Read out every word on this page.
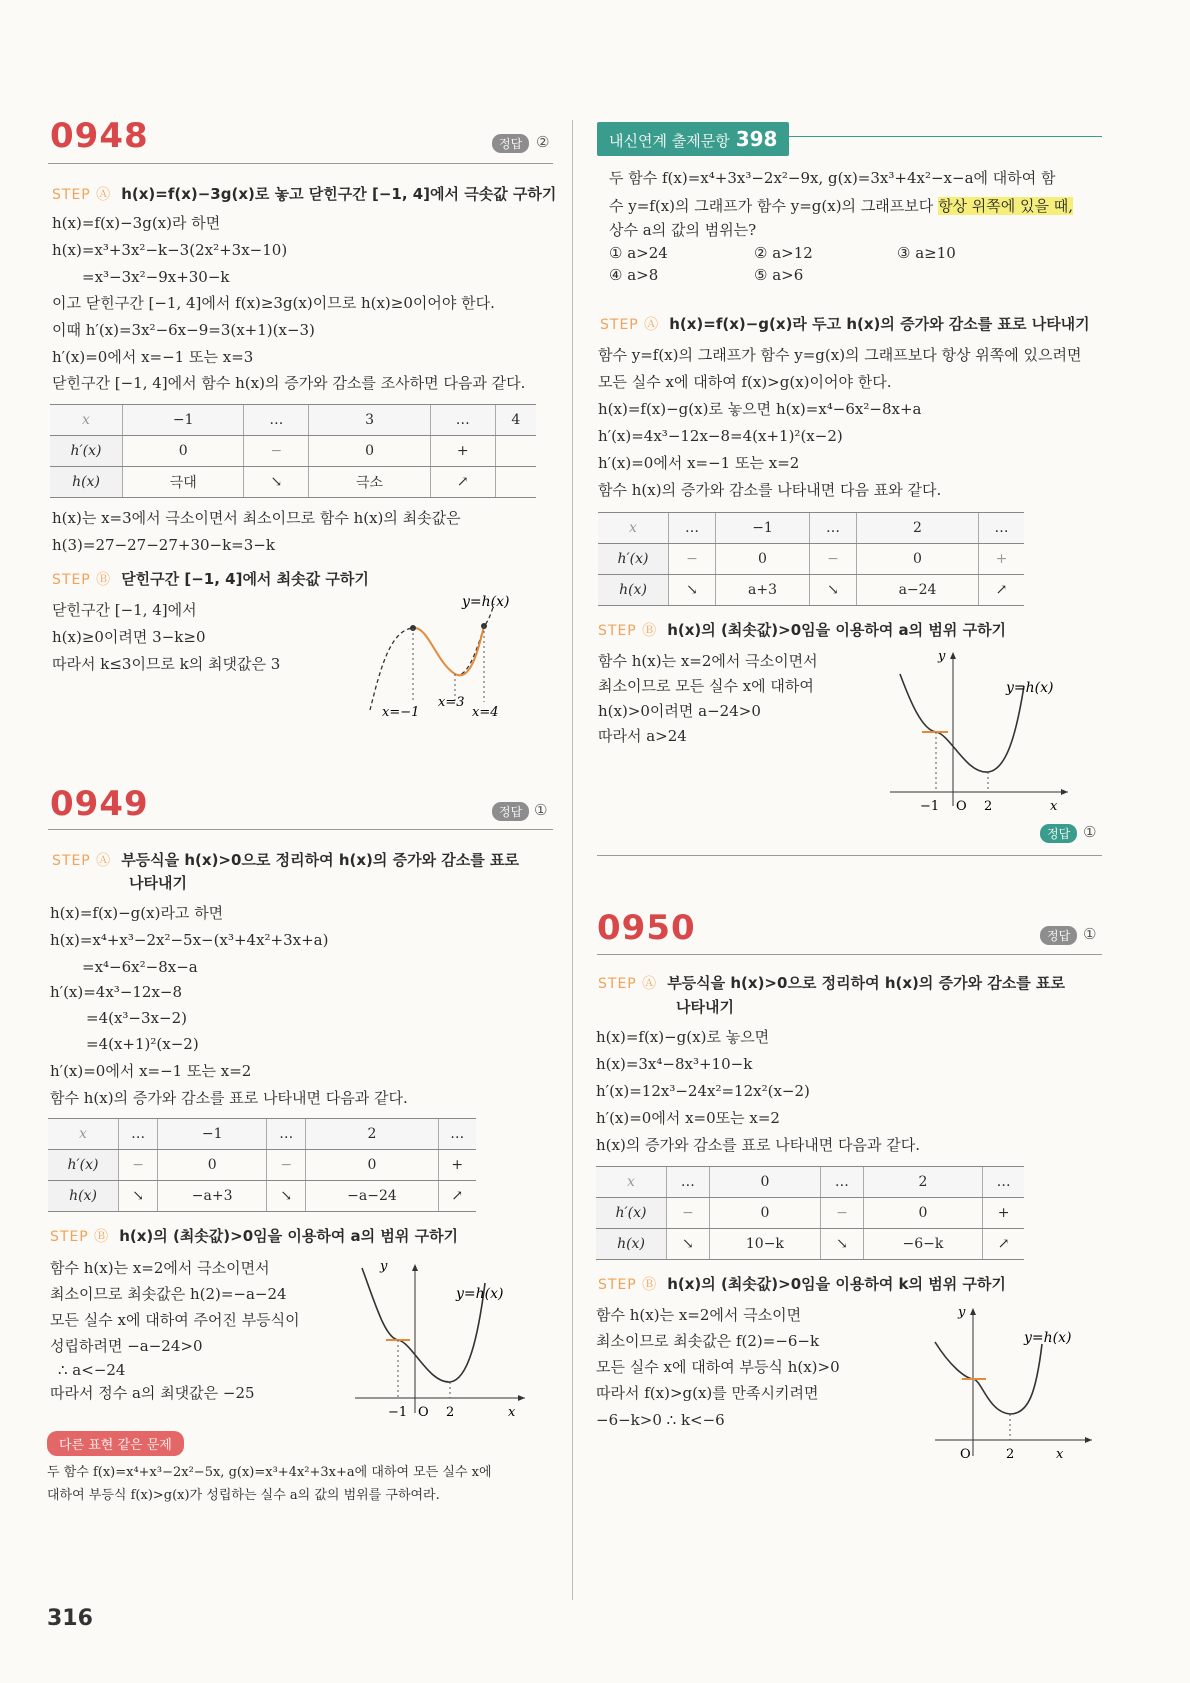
0948	정답 ②
STEP Ⓐ h(x)=f(x)−3g(x)로 놓고 닫힌구간 [−1, 4]에서 극솟값 구하기
h(x)=f(x)−3g(x)라 하면
h(x)=x³+3x²−k−3(2x²+3x−10)
=x³−3x²−9x+30−k
이고 닫힌구간 [−1, 4]에서 f(x)≥3g(x)이므로 h(x)≥0이어야 한다.
이때 h′(x)=3x²−6x−9=3(x+1)(x−3)
h′(x)=0에서 x=−1 또는 x=3
닫힌구간 [−1, 4]에서 함수 h(x)의 증가와 감소를 조사하면 다음과 같다.
x	−1	…	3	…	4
h′(x)	0	−	0	+	
h(x)	극대	↘	극소	↗	
h(x)는 x=3에서 극소이면서 최소이므로 함수 h(x)의 최솟값은
h(3)=27−27−27+30−k=3−k
STEP Ⓑ 닫힌구간 [−1, 4]에서 최솟값 구하기
닫힌구간 [−1, 4]에서
h(x)≥0이려면 3−k≥0
따라서 k≤3이므로 k의 최댓값은 3
y=h(x)
x=−1
x=3
x=4
0949	정답 ①
STEP Ⓐ 부등식을 h(x)>0으로 정리하여 h(x)의 증가와 감소를 표로
나타내기
h(x)=f(x)−g(x)라고 하면
h(x)=x⁴+x³−2x²−5x−(x³+4x²+3x+a)
=x⁴−6x²−8x−a
h′(x)=4x³−12x−8
=4(x³−3x−2)
=4(x+1)²(x−2)
h′(x)=0에서 x=−1 또는 x=2
함수 h(x)의 증가와 감소를 표로 나타내면 다음과 같다.
x	…	−1	…	2	…
h′(x)	−	0	−	0	+
h(x)	↘	−a+3	↘	−a−24	↗
STEP Ⓑ h(x)의 (최솟값)>0임을 이용하여 a의 범위 구하기
함수 h(x)는 x=2에서 극소이면서
최소이므로 최솟값은 h(2)=−a−24
모든 실수 x에 대하여 주어진 부등식이
성립하려면 −a−24>0
∴ a<−24
따라서 정수 a의 최댓값은 −25
y
y=h(x)
−1 O 2	x
다른 표현 같은 문제
두 함수 f(x)=x⁴+x³−2x²−5x, g(x)=x³+4x²+3x+a에 대하여 모든 실수 x에
대하여 부등식 f(x)>g(x)가 성립하는 실수 a의 값의 범위를 구하여라.
316
내신연계 출제문항 398
두 함수 f(x)=x⁴+3x³−2x²−9x, g(x)=3x³+4x²−x−a에 대하여 함
수 y=f(x)의 그래프가 함수 y=g(x)의 그래프보다 항상 위쪽에 있을 때,
상수 a의 값의 범위는?
① a>24	② a>12	③ a≥10
④ a>8	⑤ a>6
STEP Ⓐ h(x)=f(x)−g(x)라 두고 h(x)의 증가와 감소를 표로 나타내기
함수 y=f(x)의 그래프가 함수 y=g(x)의 그래프보다 항상 위쪽에 있으려면
모든 실수 x에 대하여 f(x)>g(x)이어야 한다.
h(x)=f(x)−g(x)로 놓으면 h(x)=x⁴−6x²−8x+a
h′(x)=4x³−12x−8=4(x+1)²(x−2)
h′(x)=0에서 x=−1 또는 x=2
함수 h(x)의 증가와 감소를 나타내면 다음 표와 같다.
x	…	−1	…	2	…
h′(x)	−	0	−	0	+
h(x)	↘	a+3	↘	a−24	↗
STEP Ⓑ h(x)의 (최솟값)>0임을 이용하여 a의 범위 구하기
함수 h(x)는 x=2에서 극소이면서
최소이므로 모든 실수 x에 대하여
h(x)>0이려면 a−24>0
따라서 a>24
y
y=h(x)
−1 O 2	x
정답 ①
0950	정답 ①
STEP Ⓐ 부등식을 h(x)>0으로 정리하여 h(x)의 증가와 감소를 표로
나타내기
h(x)=f(x)−g(x)로 놓으면
h(x)=3x⁴−8x³+10−k
h′(x)=12x³−24x²=12x²(x−2)
h′(x)=0에서 x=0또는 x=2
h(x)의 증가와 감소를 표로 나타내면 다음과 같다.
x	…	0	…	2	…
h′(x)	−	0	−	0	+
h(x)	↘	10−k	↘	−6−k	↗
STEP Ⓑ h(x)의 (최솟값)>0임을 이용하여 k의 범위 구하기
함수 h(x)는 x=2에서 극소이면
최소이므로 최솟값은 f(2)=−6−k
모든 실수 x에 대하여 부등식 h(x)>0
따라서 f(x)>g(x)를 만족시키려면
−6−k>0 ∴ k<−6
y
y=h(x)
O	2	x
